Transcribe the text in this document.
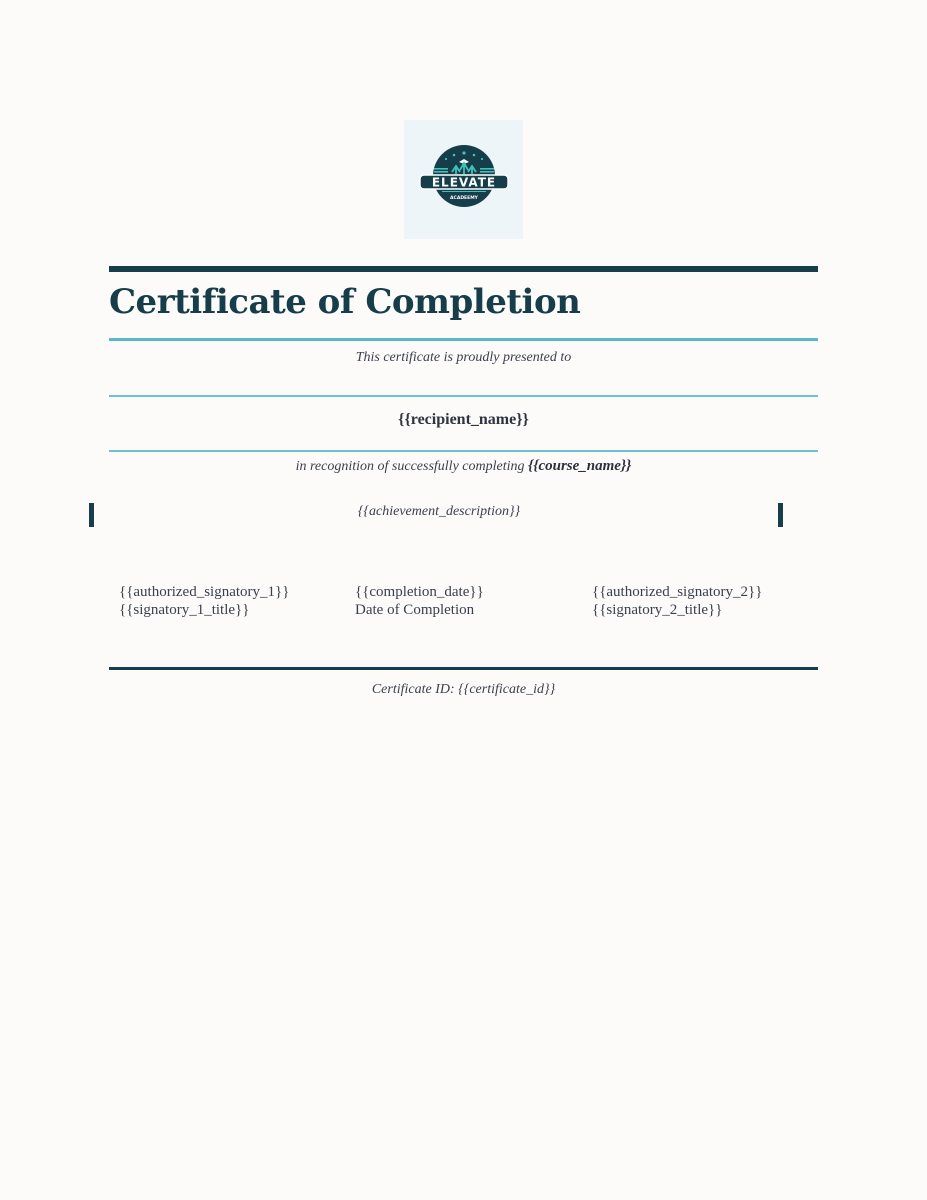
ELEVATE
ACADEEMY
Certificate of Completion
This certificate is proudly presented to
{{recipient_name}}
in recognition of successfully completing {{course_name}}
{{achievement_description}}
{{authorized_signatory_1}}
{{signatory_1_title}}
{{completion_date}}
Date of Completion
{{authorized_signatory_2}}
{{signatory_2_title}}
Certificate ID: {{certificate_id}}
